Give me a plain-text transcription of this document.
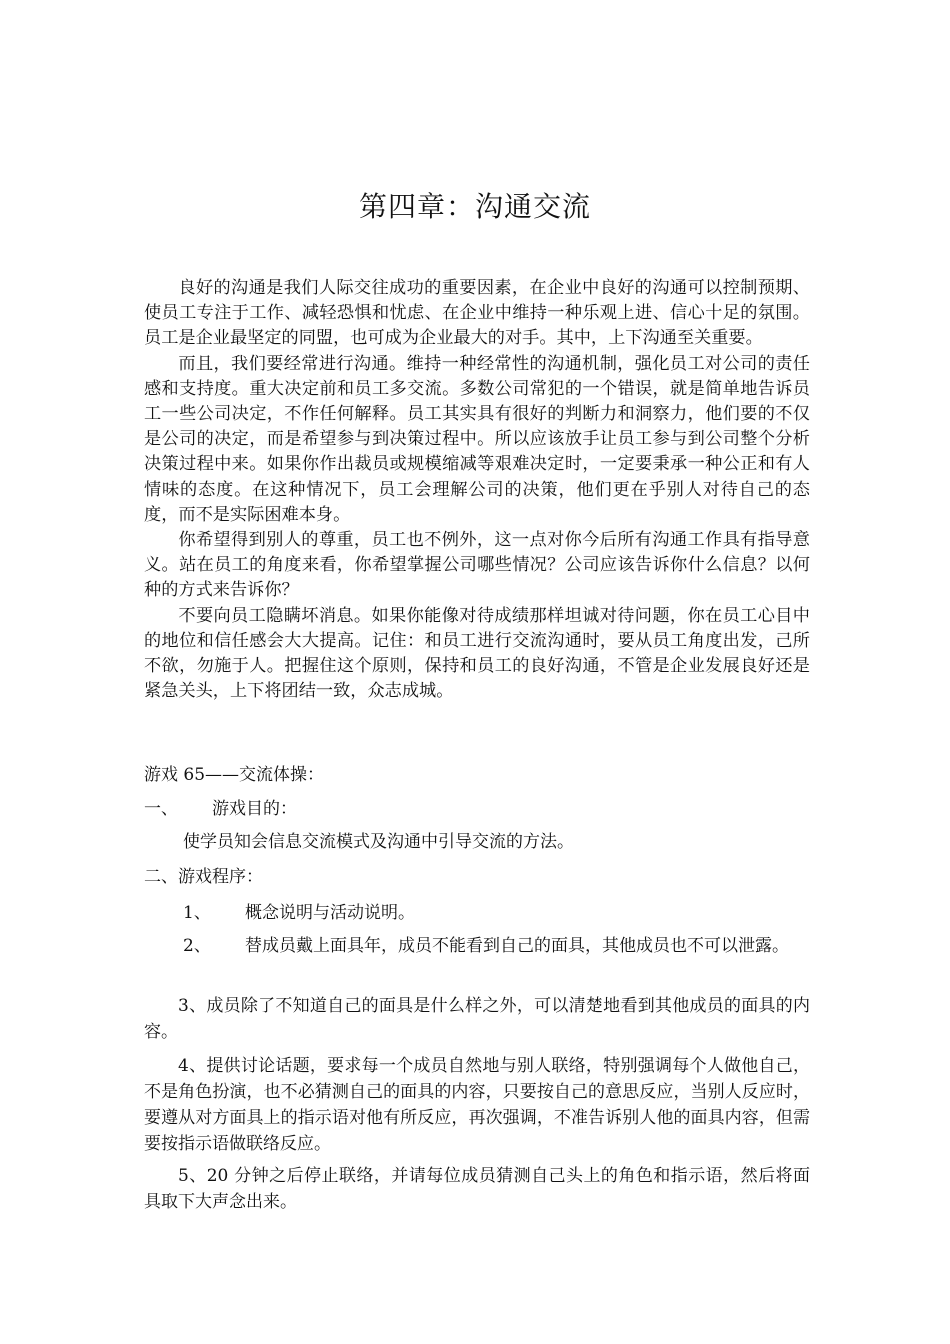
第四章：沟通交流

良好的沟通是我们人际交往成功的重要因素，在企业中良好的沟通可以控制预期、使员工专注于工作、减轻恐惧和忧虑、在企业中维持一种乐观上进、信心十足的氛围。员工是企业最坚定的同盟，也可成为企业最大的对手。其中，上下沟通至关重要。

而且，我们要经常进行沟通。维持一种经常性的沟通机制，强化员工对公司的责任感和支持度。重大决定前和员工多交流。多数公司常犯的一个错误，就是简单地告诉员工一些公司决定，不作任何解释。员工其实具有很好的判断力和洞察力，他们要的不仅是公司的决定，而是希望参与到决策过程中。所以应该放手让员工参与到公司整个分析决策过程中来。如果你作出裁员或规模缩减等艰难决定时，一定要秉承一种公正和有人情味的态度。在这种情况下，员工会理解公司的决策，他们更在乎别人对待自己的态度，而不是实际困难本身。

你希望得到别人的尊重，员工也不例外，这一点对你今后所有沟通工作具有指导意义。站在员工的角度来看，你希望掌握公司哪些情况？公司应该告诉你什么信息？以何种的方式来告诉你？

不要向员工隐瞒坏消息。如果你能像对待成绩那样坦诚对待问题，你在员工心目中的地位和信任感会大大提高。记住：和员工进行交流沟通时，要从员工角度出发，己所不欲，勿施于人。把握住这个原则，保持和员工的良好沟通，不管是企业发展良好还是紧急关头，上下将团结一致，众志成城。

游戏 65——交流体操：
一、 游戏目的：
使学员知会信息交流模式及沟通中引导交流的方法。
二、游戏程序：
1、 概念说明与活动说明。
2、 替成员戴上面具年，成员不能看到自己的面具，其他成员也不可以泄露。
3、成员除了不知道自己的面具是什么样之外，可以清楚地看到其他成员的面具的内容。
4、提供讨论话题，要求每一个成员自然地与别人联络，特别强调每个人做他自己，不是角色扮演，也不必猜测自己的面具的内容，只要按自己的意思反应，当别人反应时，要遵从对方面具上的指示语对他有所反应，再次强调，不准告诉别人他的面具内容，但需要按指示语做联络反应。
5、20 分钟之后停止联络，并请每位成员猜测自己头上的角色和指示语，然后将面具取下大声念出来。
